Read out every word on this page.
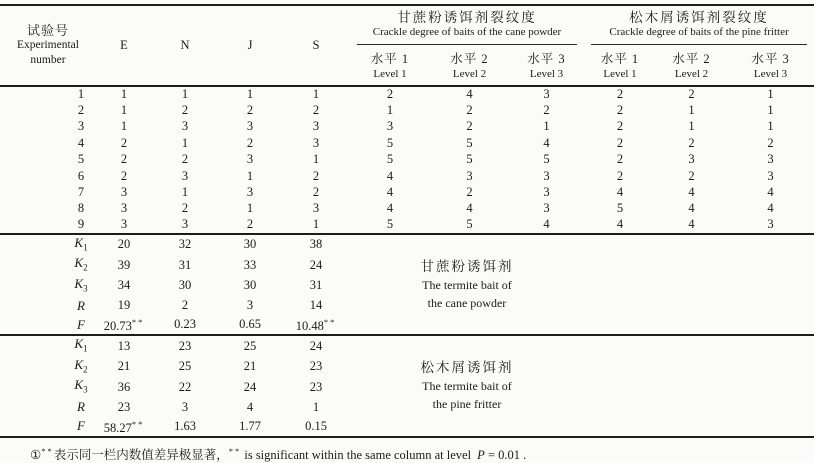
试验号
Experimental
number
	E	N	J	S	
甘蔗粉诱饵剂裂纹度
Crackle degree of baits of the cane powder

松木屑诱饵剂裂纹度
Crackle degree of baits of the pine fritter

水平 1
Level 1

水平 2
Level 2

水平 3
Level 3

水平 1
Level 1

水平 2
Level 2

水平 3
Level 3

1	1	1	1	1	2	4	3	2	2	1
2	1	2	2	2	1	2	2	2	1	1
3	1	3	3	3	3	2	1	2	1	1
4	2	1	2	3	5	5	4	2	2	2
5	2	2	3	1	5	5	5	2	3	3
6	2	3	1	2	4	3	3	2	2	3
7	3	1	3	2	4	2	3	4	4	4
8	3	2	1	3	4	4	3	5	4	4
9	3	3	2	1	5	5	4	4	4	3
$K_1$	20	32	30	38	甘蔗粉诱饵剂
The termite bait of
the cane powder					

$K_2$	39	31	33	24						
$K_3$	34	30	30	31						
R	19	2	3	14						
F	20.73**	0.23	0.65	10.48**
$K_1$	13	23	25	24	松木屑诱饵剂
The termite bait of
the pine fritter					

$K_2$	21	25	21	23						
$K_3$	36	22	24	23						
R	23	3	4	1						
F	58.27**	1.63	1.77	0.15						
①**表示同一栏内数值差异极显著，** is significant within the same column at level P = 0.01 .
